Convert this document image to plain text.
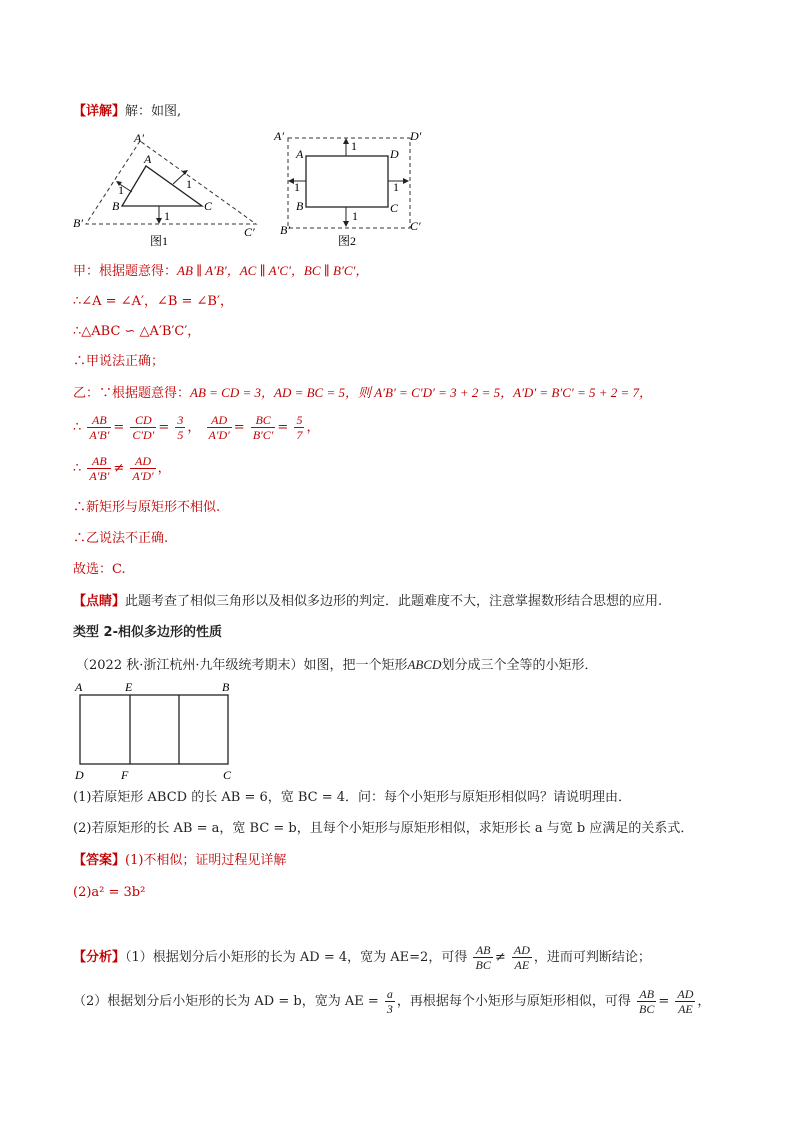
【详解】解：如图,
A′
A
B	C
B′
C′
1	1
1
图1
A′	D′
A	D
B	C
B′	C′
1
1	1
1
图2
甲：根据题意得：AB ∥ A′B′，AC ∥ A′C′，BC ∥ B′C′，
∴∠A = ∠A′，∠B = ∠B′，
∴△ABC ∽ △A′B′C′，
∴甲说法正确；
乙：∵根据题意得：AB = CD = 3，AD = BC = 5，则 A′B′ = C′D′ = 3 + 2 = 5，A′D′ = B′C′ = 5 + 2 = 7，
∴ $\frac{AB}{A'B'} = \frac{CD}{C'D'} = \frac{3}{5}$ ， $\frac{AD}{A'D'} = \frac{BC}{B'C'} = \frac{5}{7}$ ，
∴ $\frac{AB}{A'B'} \ne \frac{AD}{A'D'}$ ，
∴新矩形与原矩形不相似.
∴乙说法不正确.
故选：C.
【点睛】此题考查了相似三角形以及相似多边形的判定．此题难度不大，注意掌握数形结合思想的应用.
类型 2-相似多边形的性质
（2022 秋·浙江杭州·九年级统考期末）如图，把一个矩形ABCD划分成三个全等的小矩形．
A	E	B
D	F	C
(1)若原矩形 ABCD 的长 AB = 6，宽 BC = 4．问：每个小矩形与原矩形相似吗？请说明理由．
(2)若原矩形的长 AB = a，宽 BC = b，且每个小矩形与原矩形相似，求矩形长 a 与宽 b 应满足的关系式．
【答案】(1)不相似；证明过程见详解
(2)a² = 3b²
【分析】（1）根据划分后小矩形的长为 AD = 4，宽为 AE=2，可得 $\frac{AB}{BC} \ne \frac{AD}{AE}$ ，进而可判断结论；
（2）根据划分后小矩形的长为 AD = b，宽为 AE = $\frac{a}{3}$ ，再根据每个小矩形与原矩形相似，可得 $\frac{AB}{BC} = \frac{AD}{AE}$ ，
